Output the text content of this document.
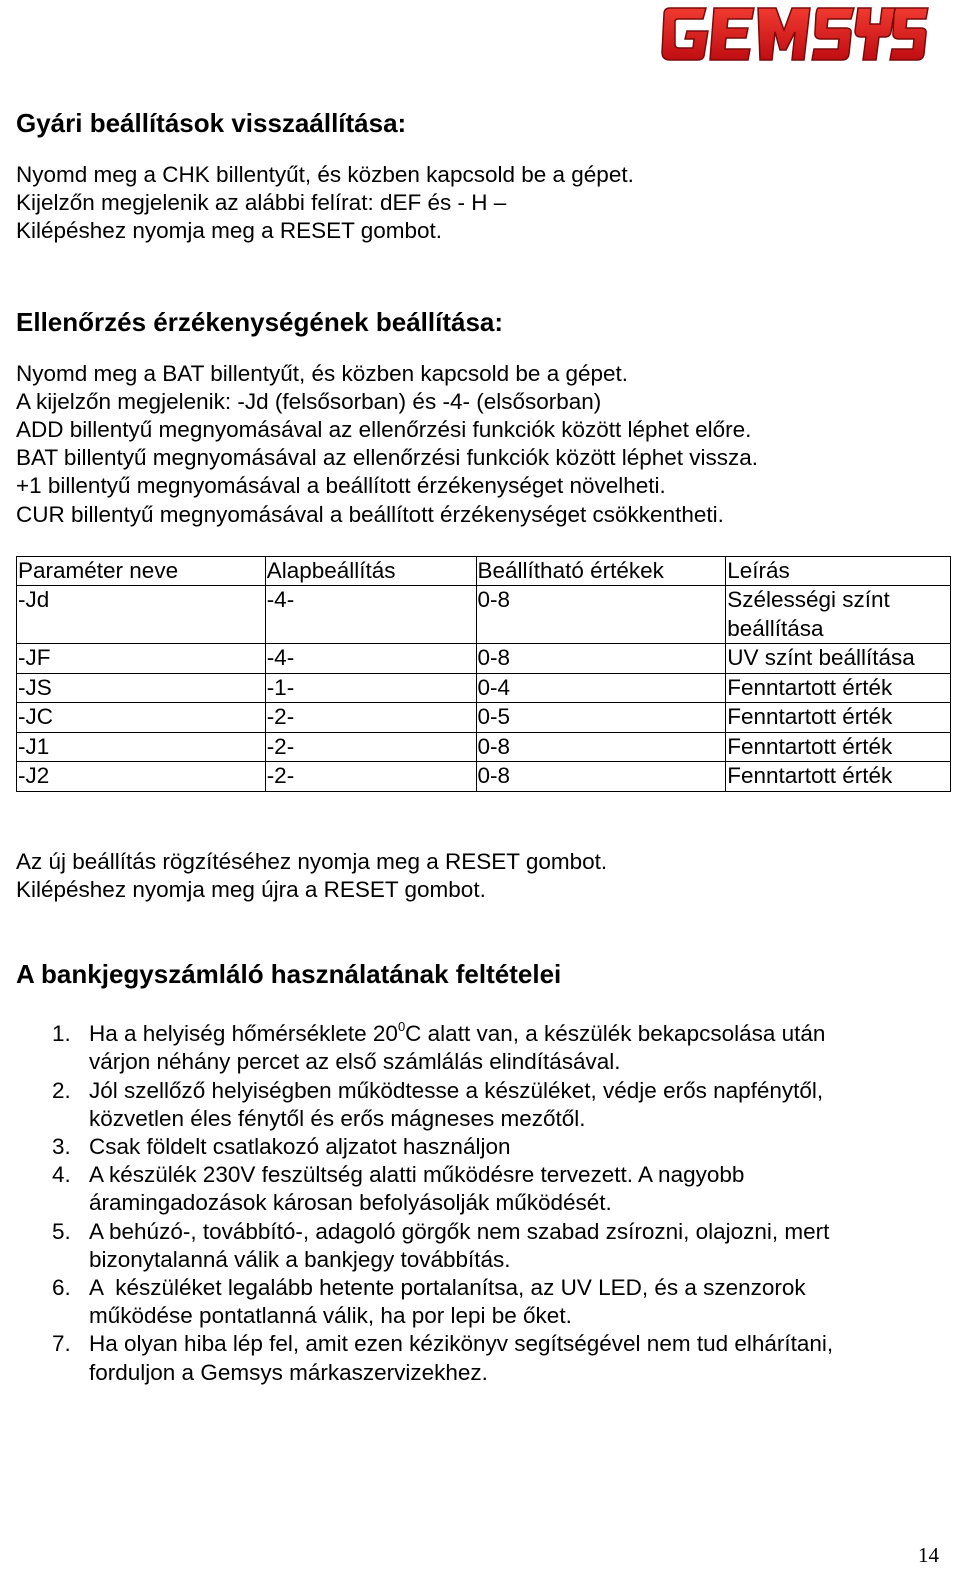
Gyári beállítások visszaállítása:
Nyomd meg a CHK billentyűt, és közben kapcsold be a gépet.
Kijelzőn megjelenik az alábbi felírat: dEF és - H –
Kilépéshez nyomja meg a RESET gombot.
Ellenőrzés érzékenységének beállítása:
Nyomd meg a BAT billentyűt, és közben kapcsold be a gépet.
A kijelzőn megjelenik: -Jd (felsősorban) és -4- (elsősorban)
ADD billentyű megnyomásával az ellenőrzési funkciók között léphet előre.
BAT billentyű megnyomásával az ellenőrzési funkciók között léphet vissza.
+1 billentyű megnyomásával a beállított érzékenységet növelheti.
CUR billentyű megnyomásával a beállított érzékenységet csökkentheti.
Paraméter neve	Alapbeállítás	Beállítható értékek	Leírás
-Jd	-4-	0-8	Szélességi színt beállítása
-JF	-4-	0-8	UV színt beállítása
-JS	-1-	0-4	Fenntartott érték
-JC	-2-	0-5	Fenntartott érték
-J1	-2-	0-8	Fenntartott érték
-J2	-2-	0-8	Fenntartott érték
Az új beállítás rögzítéséhez nyomja meg a RESET gombot.
Kilépéshez nyomja meg újra a RESET gombot.
A bankjegyszámláló használatának feltételei
1. Ha a helyiség hőmérséklete $20^0C$ alatt van, a készülék bekapcsolása után
várjon néhány percet az első számlálás elindításával.
2. Jól szellőző helyiségben működtesse a készüléket, védje erős napfénytől,
közvetlen éles fénytől és erős mágneses mezőtől.
3. Csak földelt csatlakozó aljzatot használjon
4. A készülék 230V feszültség alatti működésre tervezett. A nagyobb
áramingadozások károsan befolyásolják működését.
5. A behúzó-, továbbító-, adagoló görgők nem szabad zsírozni, olajozni, mert
bizonytalanná válik a bankjegy továbbítás.
6. A  készüléket legalább hetente portalanítsa, az UV LED, és a szenzorok
működése pontatlanná válik, ha por lepi be őket.
7. Ha olyan hiba lép fel, amit ezen kézikönyv segítségével nem tud elhárítani,
forduljon a Gemsys márkaszervizekhez.
14
